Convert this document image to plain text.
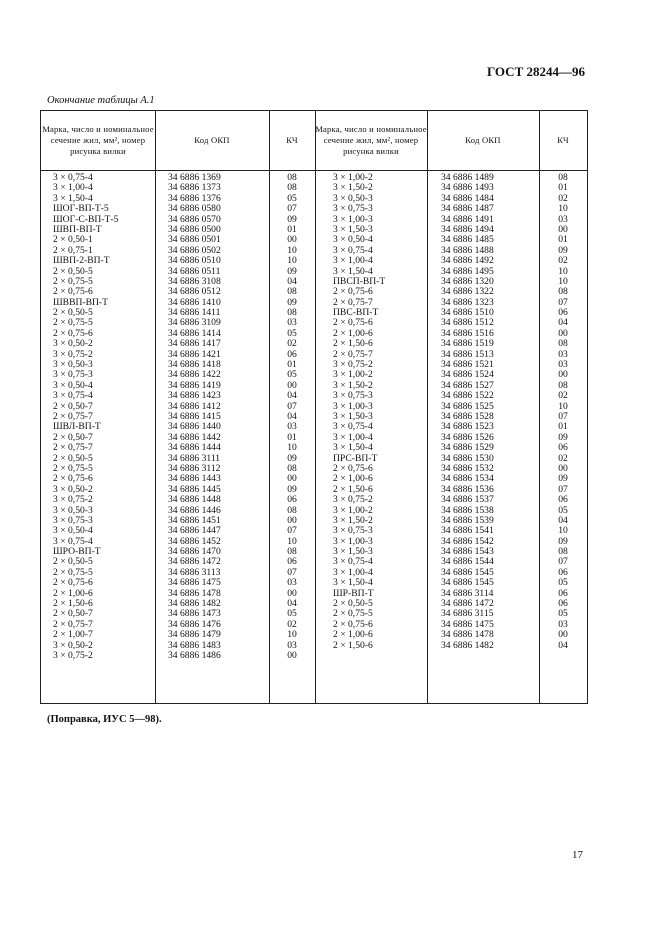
ГОСТ 28244—96
Окончание таблицы А.1
Марка, число и номинальное сечение жил, мм², номер рисунка вилки
Код ОКП	КЧ
Марка, число и номинальное сечение жил, мм², номер рисунка вилки
Код ОКП	КЧ
3 × 0,75-4	34 6886 1369	08
3 × 1,00-4	34 6886 1373	08
3 × 1,50-4	34 6886 1376	05
ШОГ-ВП-Т-5	34 6886 0580	07
ШОГ-С-ВП-Т-5	34 6886 0570	09
ШВП-ВП-Т	34 6886 0500	01
2 × 0,50-1	34 6886 0501	00
2 × 0,75-1	34 6886 0502	10
ШВП-2-ВП-Т	34 6886 0510	10
2 × 0,50-5	34 6886 0511	09
2 × 0,75-5	34 6886 3108	04
2 × 0,75-6	34 6886 0512	08
ШВВП-ВП-Т	34 6886 1410	09
2 × 0,50-5	34 6886 1411	08
2 × 0,75-5	34 6886 3109	03
2 × 0,75-6	34 6886 1414	05
3 × 0,50-2	34 6886 1417	02
3 × 0,75-2	34 6886 1421	06
3 × 0,50-3	34 6886 1418	01
3 × 0,75-3	34 6886 1422	05
3 × 0,50-4	34 6886 1419	00
3 × 0,75-4	34 6886 1423	04
2 × 0,50-7	34 6886 1412	07
2 × 0,75-7	34 6886 1415	04
ШВЛ-ВП-Т	34 6886 1440	03
2 × 0,50-7	34 6886 1442	01
2 × 0,75-7	34 6886 1444	10
2 × 0,50-5	34 6886 3111	09
2 × 0,75-5	34 6886 3112	08
2 × 0,75-6	34 6886 1443	00
3 × 0,50-2	34 6886 1445	09
3 × 0,75-2	34 6886 1448	06
3 × 0,50-3	34 6886 1446	08
3 × 0,75-3	34 6886 1451	00
3 × 0,50-4	34 6886 1447	07
3 × 0,75-4	34 6886 1452	10
ШРО-ВП-Т	34 6886 1470	08
2 × 0,50-5	34 6886 1472	06
2 × 0,75-5	34 6886 3113	07
2 × 0,75-6	34 6886 1475	03
2 × 1,00-6	34 6886 1478	00
2 × 1,50-6	34 6886 1482	04
2 × 0,50-7	34 6886 1473	05
2 × 0,75-7	34 6886 1476	02
2 × 1,00-7	34 6886 1479	10
3 × 0,50-2	34 6886 1483	03
3 × 0,75-2	34 6886 1486	00
3 × 1,00-2	34 6886 1489	08
3 × 1,50-2	34 6886 1493	01
3 × 0,50-3	34 6886 1484	02
3 × 0,75-3	34 6886 1487	10
3 × 1,00-3	34 6886 1491	03
3 × 1,50-3	34 6886 1494	00
3 × 0,50-4	34 6886 1485	01
3 × 0,75-4	34 6886 1488	09
3 × 1,00-4	34 6886 1492	02
3 × 1,50-4	34 6886 1495	10
ПВСП-ВП-Т	34 6886 1320	10
2 × 0,75-6	34 6886 1322	08
2 × 0,75-7	34 6886 1323	07
ПВС-ВП-Т	34 6886 1510	06
2 × 0,75-6	34 6886 1512	04
2 × 1,00-6	34 6886 1516	00
2 × 1,50-6	34 6886 1519	08
2 × 0,75-7	34 6886 1513	03
3 × 0,75-2	34 6886 1521	03
3 × 1,00-2	34 6886 1524	00
3 × 1,50-2	34 6886 1527	08
3 × 0,75-3	34 6886 1522	02
3 × 1,00-3	34 6886 1525	10
3 × 1,50-3	34 6886 1528	07
3 × 0,75-4	34 6886 1523	01
3 × 1,00-4	34 6886 1526	09
3 × 1,50-4	34 6886 1529	06
ПРС-ВП-Т	34 6886 1530	02
2 × 0,75-6	34 6886 1532	00
2 × 1,00-6	34 6886 1534	09
2 × 1,50-6	34 6886 1536	07
3 × 0,75-2	34 6886 1537	06
3 × 1,00-2	34 6886 1538	05
3 × 1,50-2	34 6886 1539	04
3 × 0,75-3	34 6886 1541	10
3 × 1,00-3	34 6886 1542	09
3 × 1,50-3	34 6886 1543	08
3 × 0,75-4	34 6886 1544	07
3 × 1,00-4	34 6886 1545	06
3 × 1,50-4	34 6886 1545	05
ШР-ВП-Т	34 6886 3114	06
2 × 0,50-5	34 6886 1472	06
2 × 0,75-5	34 6886 3115	05
2 × 0,75-6	34 6886 1475	03
2 × 1,00-6	34 6886 1478	00
2 × 1,50-6	34 6886 1482	04
(Поправка, ИУС 5—98).
17
